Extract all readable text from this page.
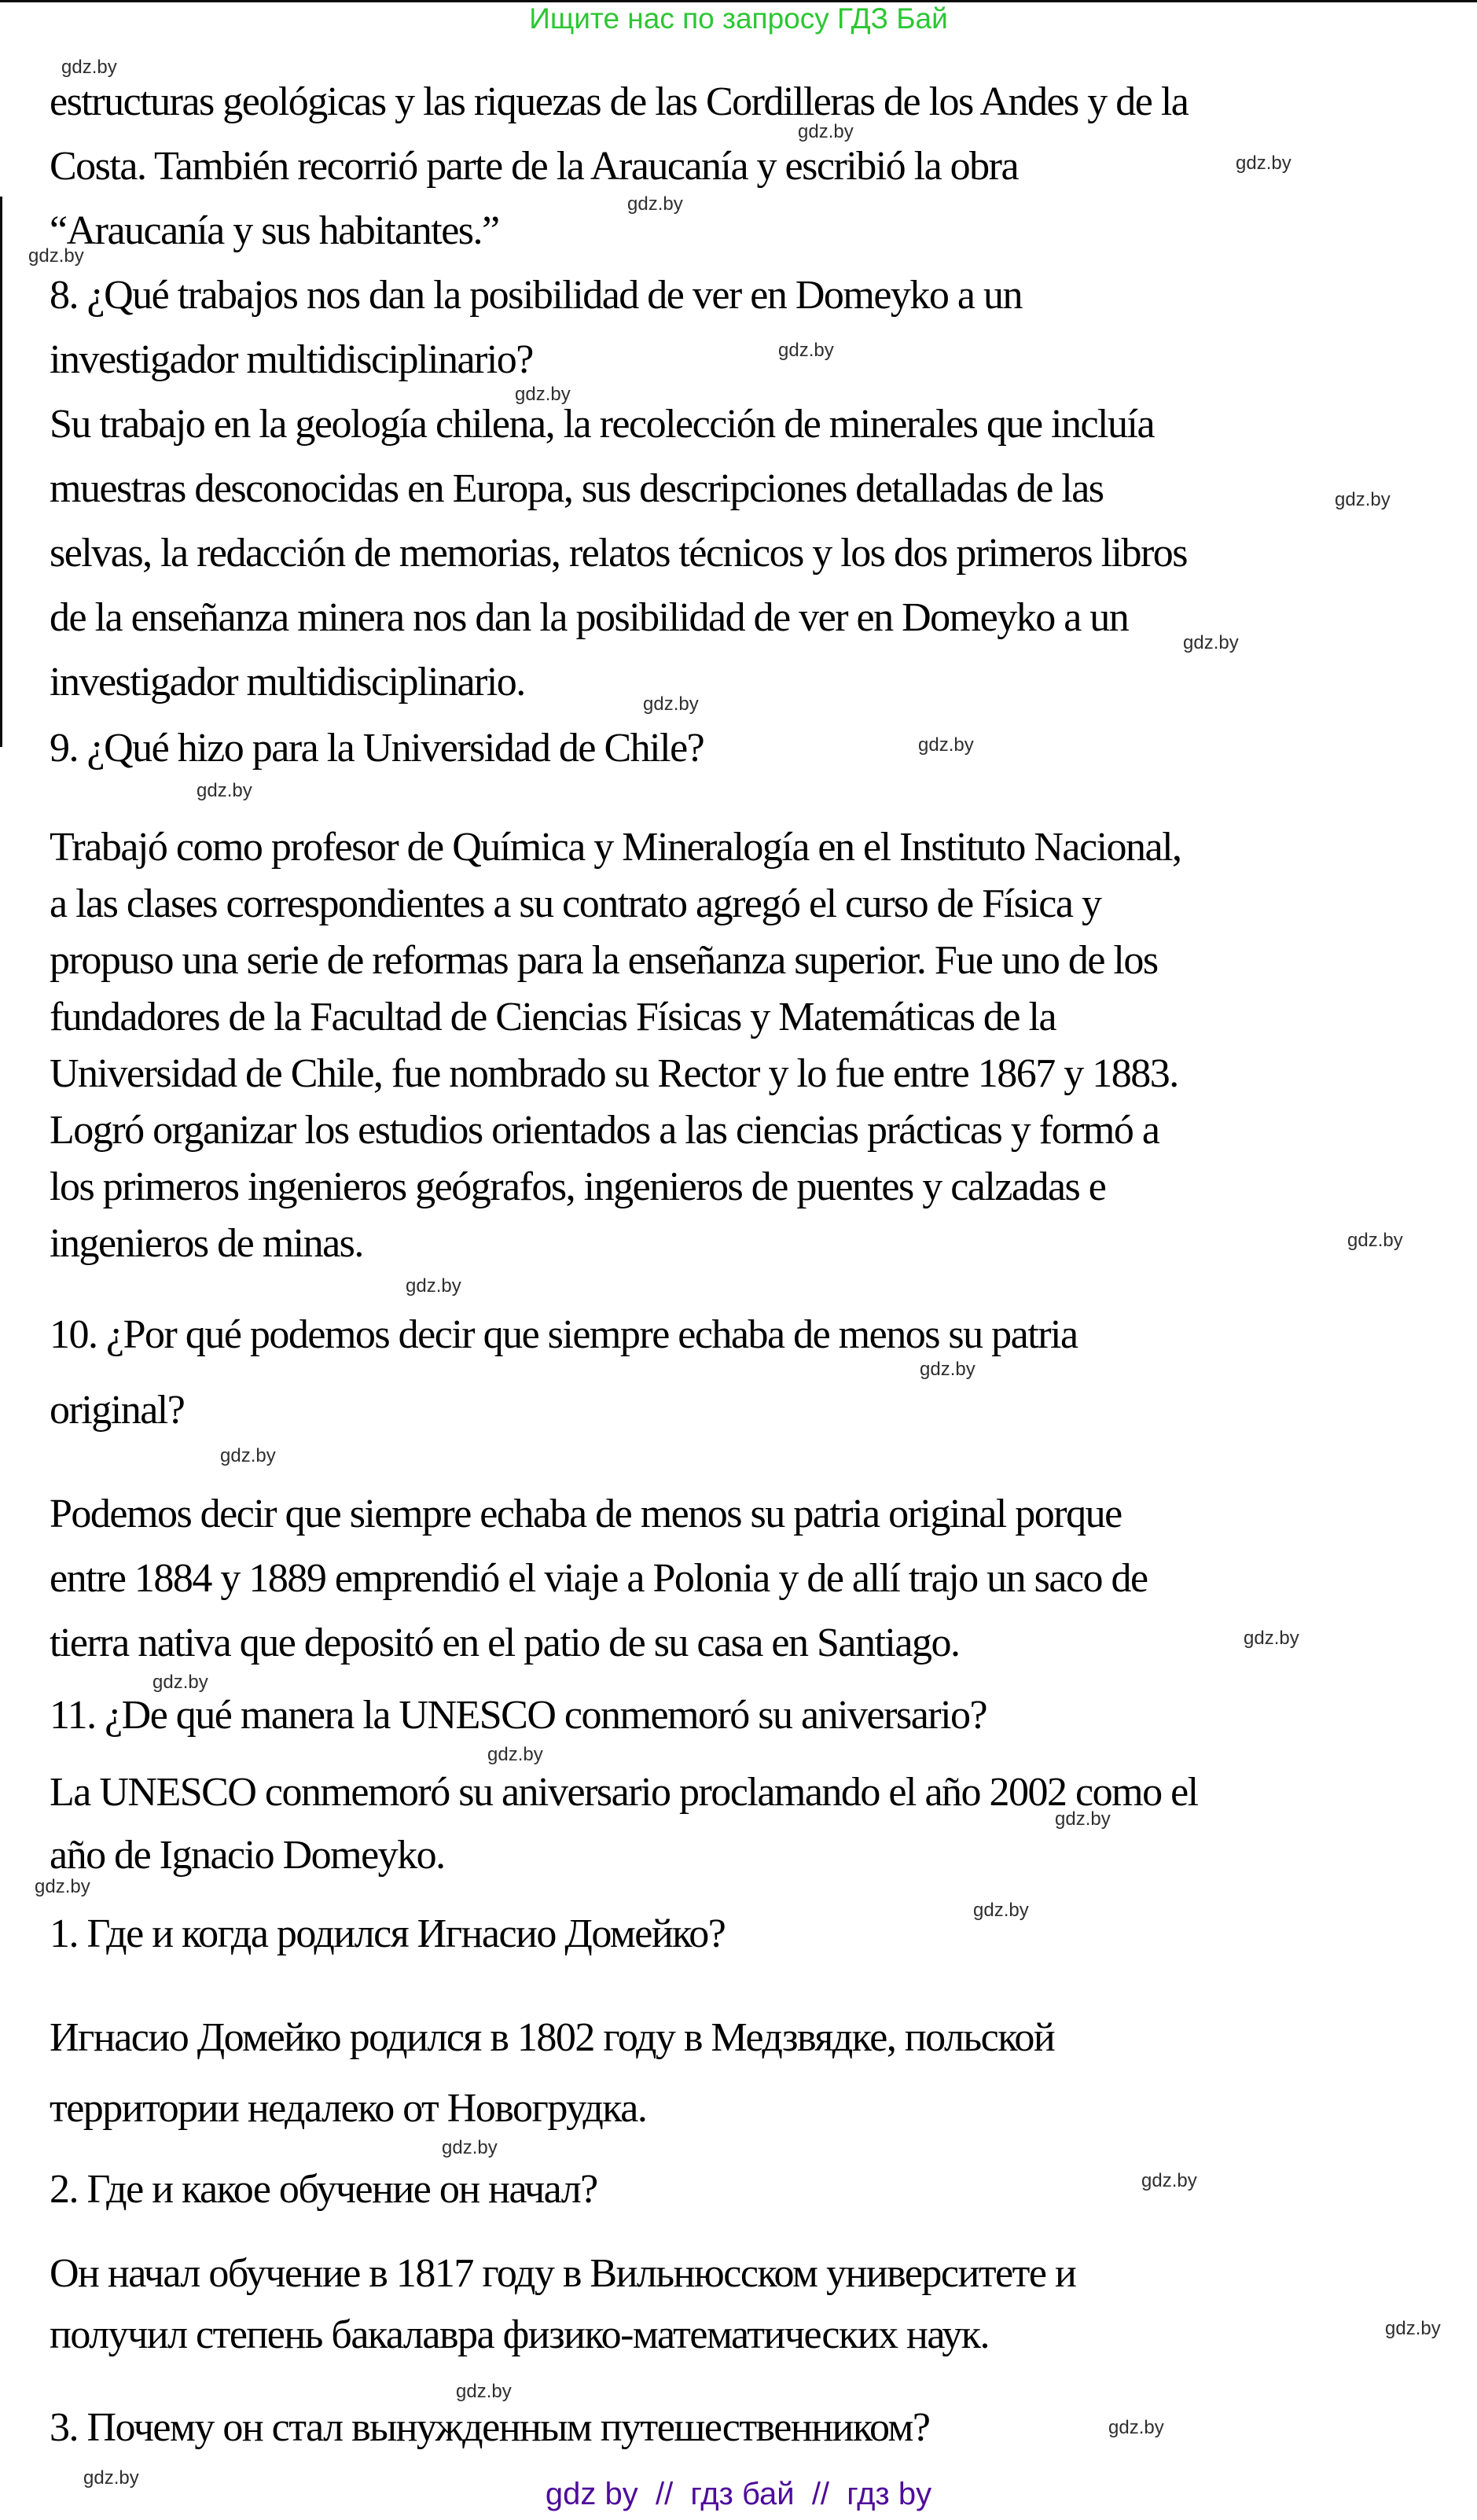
Ищите нас по запросу ГДЗ Бай
estructuras geológicas y las riquezas de las Cordilleras de los Andes y de la
Costa. También recorrió parte de la Araucanía y escribió la obra
“Araucanía y sus habitantes.”
8. ¿Qué trabajos nos dan la posibilidad de ver en Domeyko a un
investigador multidisciplinario?
Su trabajo en la geología chilena, la recolección de minerales que incluía
muestras desconocidas en Europa, sus descripciones detalladas de las
selvas, la redacción de memorias, relatos técnicos y los dos primeros libros
de la enseñanza minera nos dan la posibilidad de ver en Domeyko a un
investigador multidisciplinario.
9. ¿Qué hizo para la Universidad de Chile?
Trabajó como profesor de Química y Mineralogía en el Instituto Nacional,
a las clases correspondientes a su contrato agregó el curso de Física y
propuso una serie de reformas para la enseñanza superior. Fue uno de los
fundadores de la Facultad de Ciencias Físicas y Matemáticas de la
Universidad de Chile, fue nombrado su Rector y lo fue entre 1867 y 1883.
Logró organizar los estudios orientados a las ciencias prácticas y formó a
los primeros ingenieros geógrafos, ingenieros de puentes y calzadas e
ingenieros de minas.
10. ¿Por qué podemos decir que siempre echaba de menos su patria
original?
Podemos decir que siempre echaba de menos su patria original porque
entre 1884 y 1889 emprendió el viaje a Polonia y de allí trajo un saco de
tierra nativa que depositó en el patio de su casa en Santiago.
11. ¿De qué manera la UNESCO conmemoró su aniversario?
La UNESCO conmemoró su aniversario proclamando el año 2002 como el
año de Ignacio Domeyko.
1. Где и когда родился Игнасио Домейко?
Игнасио Домейко родился в 1802 году в Медзвядке, польской
территории недалеко от Новогрудка.
2. Где и какое обучение он начал?
Он начал обучение в 1817 году в Вильнюсском университете и
получил степень бакалавра физико-математических наук.
3. Почему он стал вынужденным путешественником?
gdz.by
gdz.by
gdz.by
gdz.by
gdz.by
gdz.by
gdz.by
gdz.by
gdz.by
gdz.by
gdz.by
gdz.by
gdz.by
gdz.by
gdz.by
gdz.by
gdz.by
gdz.by
gdz.by
gdz.by
gdz.by
gdz.by
gdz.by
gdz.by
gdz.by
gdz.by
gdz.by
gdz.by	gdz by  //  гдз бай  //  гдз by
